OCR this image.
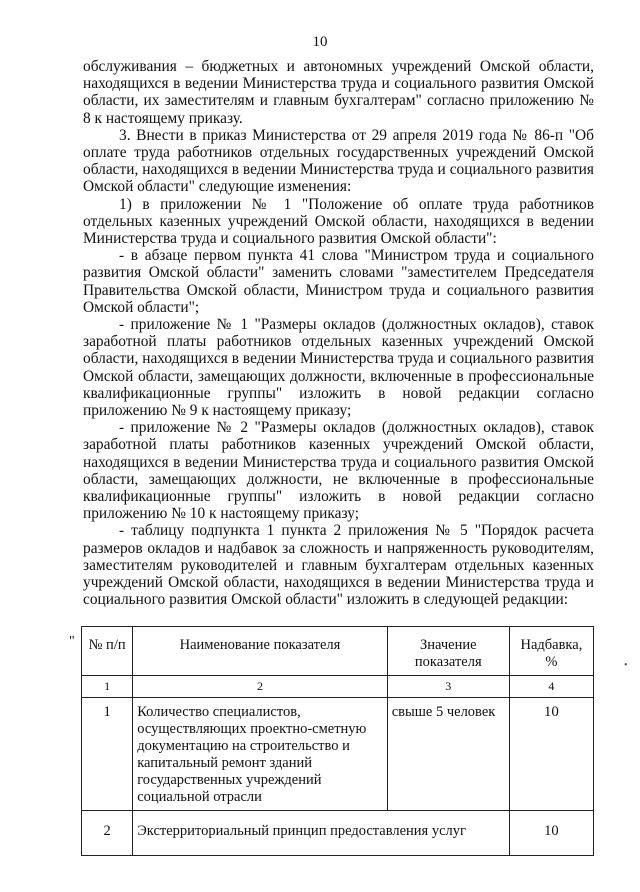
10

обслуживания – бюджетных и автономных учреждений Омской области, находящихся в ведении Министерства труда и социального развития Омской области, их заместителям и главным бухгалтерам" согласно приложению № 8 к настоящему приказу.

3. Внести в приказ Министерства от 29 апреля 2019 года № 86-п "Об оплате труда работников отдельных государственных учреждений Омской области, находящихся в ведении Министерства труда и социального развития Омской области" следующие изменения:

1) в приложении № 1 "Положение об оплате труда работников отдельных казенных учреждений Омской области, находящихся в ведении Министерства труда и социального развития Омской области":

- в абзаце первом пункта 41 слова "Министром труда и социального развития Омской области" заменить словами "заместителем Председателя Правительства Омской области, Министром труда и социального развития Омской области";

- приложение № 1 "Размеры окладов (должностных окладов), ставок заработной платы работников отдельных казенных учреждений Омской области, находящихся в ведении Министерства труда и социального развития Омской области, замещающих должности, включенные в профессиональные квалификационные группы" изложить в новой редакции согласно приложению № 9 к настоящему приказу;

- приложение № 2 "Размеры окладов (должностных окладов), ставок заработной платы работников казенных учреждений Омской области, находящихся в ведении Министерства труда и социального развития Омской области, замещающих должности, не включенные в профессиональные квалификационные группы" изложить в новой редакции согласно приложению № 10 к настоящему приказу;

- таблицу подпункта 1 пункта 2 приложения № 5 "Порядок расчета размеров окладов и надбавок за сложность и напряженность руководителям, заместителям руководителей и главным бухгалтерам отдельных казенных учреждений Омской области, находящихся в ведении Министерства труда и социального развития Омской области" изложить в следующей редакции:

"
•
№ п/п	Наименование показателя	Значение показателя	Надбавка, %
1	2	3	4
1	Количество специалистов, осуществляющих проектно-сметную документацию на строительство и капитальный ремонт зданий государственных учреждений социальной отрасли	свыше 5 человек	10
2	Экстерриториальный принцип предоставления услуг		10
